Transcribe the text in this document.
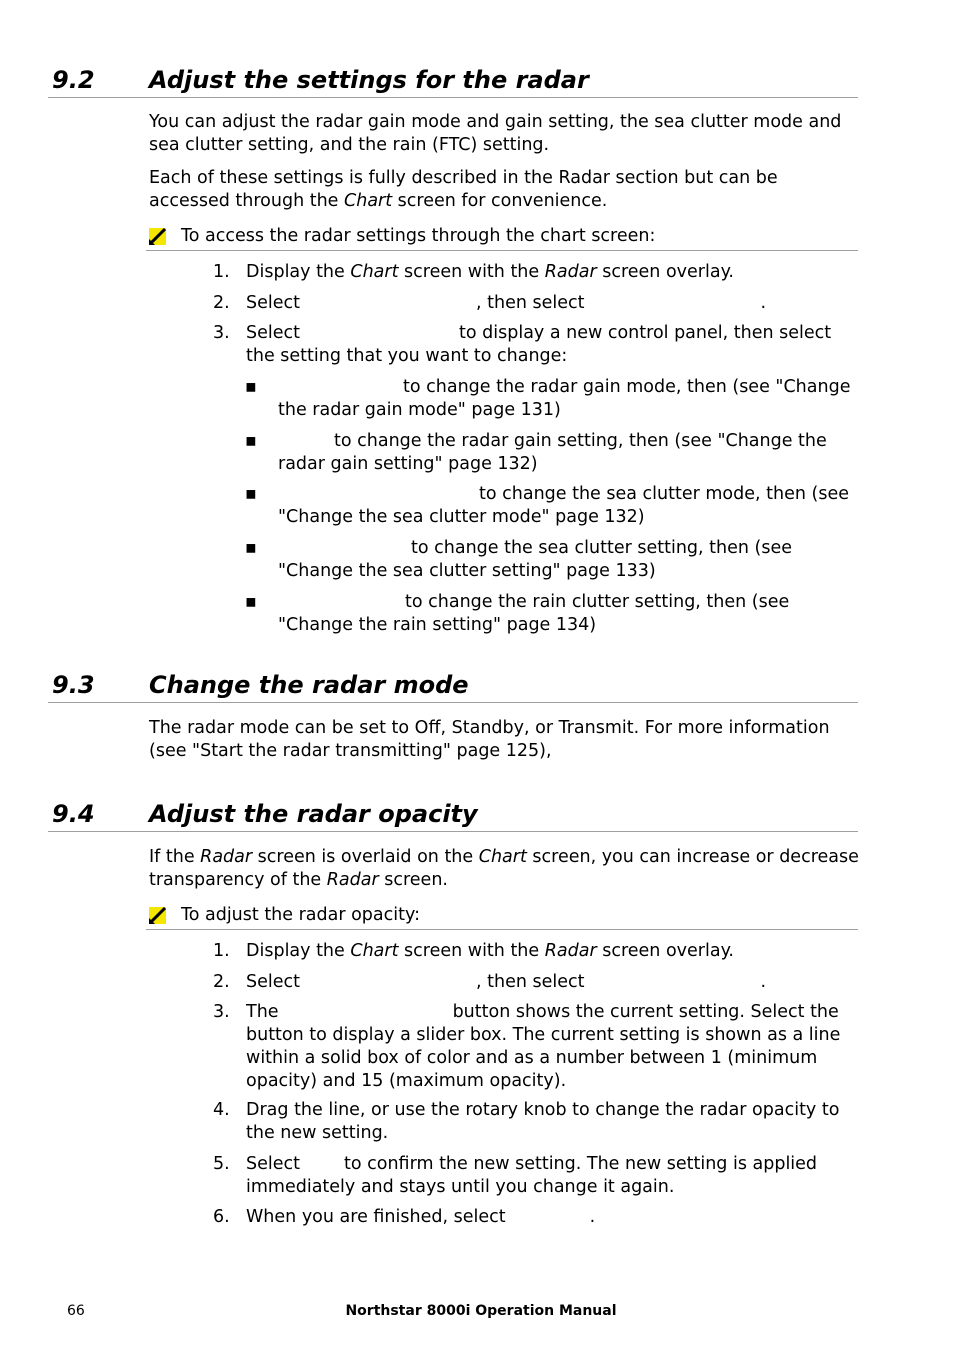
9.2 Adjust the settings for the radar

You can adjust the radar gain mode and gain setting, the sea clutter mode and sea clutter setting, and the rain (FTC) setting.

Each of these settings is fully described in the Radar section but can be accessed through the Chart screen for convenience.

To access the radar settings through the chart screen:
1. Display the Chart screen with the Radar screen overlay.
2. Select	, then select	.
3. Select	to display a new control panel, then select the setting that you want to change:
▪	to change the radar gain mode, then (see "Change the radar gain mode" page 131)
▪	to change the radar gain setting, then (see "Change the radar gain setting" page 132)
▪	to change the sea clutter mode, then (see "Change the sea clutter mode" page 132)
▪	to change the sea clutter setting, then (see "Change the sea clutter setting" page 133)
▪	to change the rain clutter setting, then (see "Change the rain setting" page 134)
9.3 Change the radar mode

The radar mode can be set to Off, Standby, or Transmit. For more information (see "Start the radar transmitting" page 125),

9.4 Adjust the radar opacity

If the Radar screen is overlaid on the Chart screen, you can increase or decrease transparency of the Radar screen.

To adjust the radar opacity:
1. Display the Chart screen with the Radar screen overlay.
2. Select	, then select	.
3. The	button shows the current setting. Select the button to display a slider box. The current setting is shown as a line within a solid box of color and as a number between 1 (minimum opacity) and 15 (maximum opacity).
4. Drag the line, or use the rotary knob to change the radar opacity to the new setting.
5. Select	to confirm the new setting. The new setting is applied immediately and stays until you change it again.
6. When you are finished, select	.
66	Northstar 8000i Operation Manual
